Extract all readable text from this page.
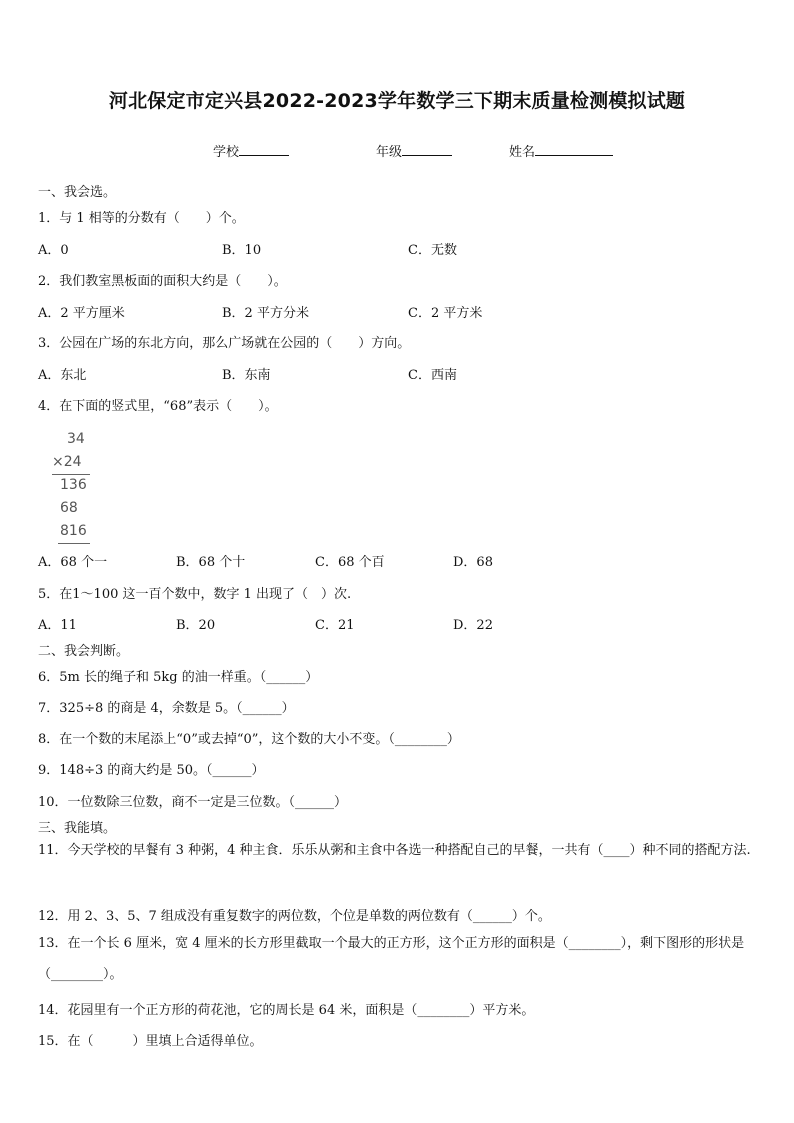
河北保定市定兴县2022-2023学年数学三下期末质量检测模拟试题
学校	年级	姓名
一、我会选。
1．与 1 相等的分数有（　　）个。
A．0	B．10	C．无数
2．我们教室黑板面的面积大约是（　　）。
A．2 平方厘米	B．2 平方分米	C．2 平方米
3．公园在广场的东北方向，那么广场就在公园的（　　）方向。
A．东北	B．东南	C．西南
4．在下面的竖式里，“68”表示（　　）。
34
×24
136
68
816
A．68 个一	B．68 个十	C．68 个百	D．68
5．在1～100 这一百个数中，数字 1 出现了（　）次.
A．11	B．20	C．21	D．22
二、我会判断。
6．5m 长的绳子和 5kg 的油一样重。（______）
7．325÷8 的商是 4，余数是 5。（______）
8．在一个数的末尾添上“0”或去掉“0”，这个数的大小不变。（________）
9．148÷3 的商大约是 50。（______）
10．一位数除三位数，商不一定是三位数。（______）
三、我能填。
11．今天学校的早餐有 3 种粥，4 种主食．乐乐从粥和主食中各选一种搭配自己的早餐，一共有（____）种不同的搭配方法.
12．用 2、3、5、7 组成没有重复数字的两位数，个位是单数的两位数有（______）个。
13．在一个长 6 厘米，宽 4 厘米的长方形里截取一个最大的正方形，这个正方形的面积是（________），剩下图形的形状是（________）。
14．花园里有一个正方形的荷花池，它的周长是 64 米，面积是（________）平方米。
15．在（　　　）里填上合适得单位。
